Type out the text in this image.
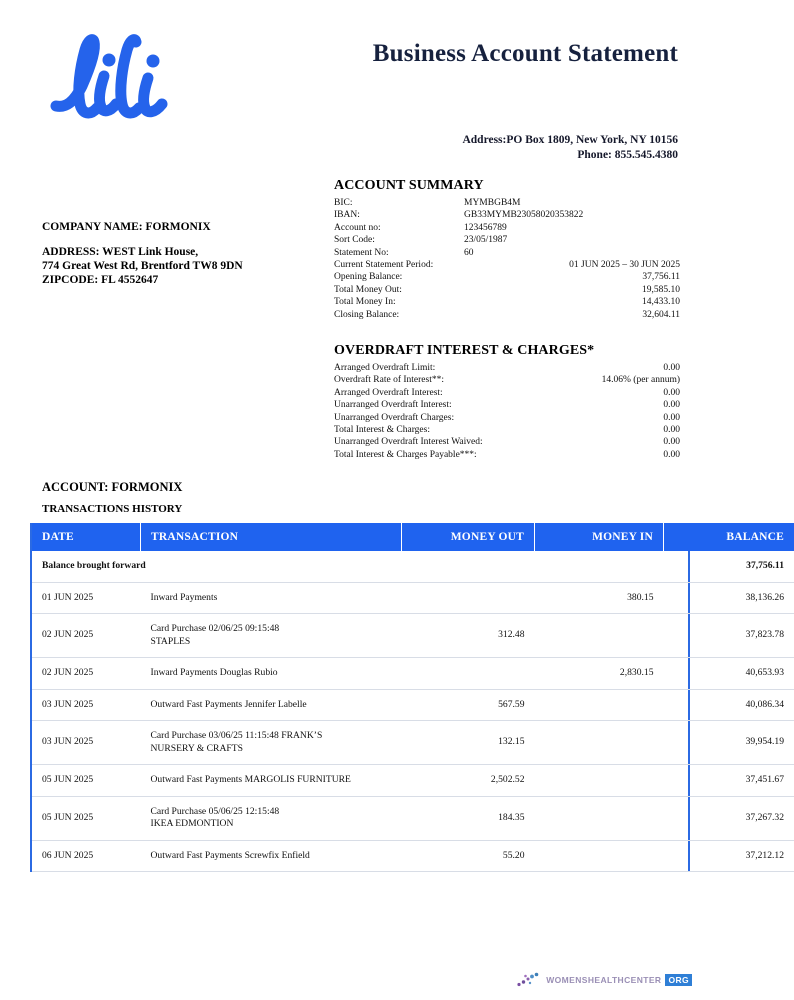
Business Account Statement
Address:PO Box 1809, New York, NY 10156
Phone: 855.545.4380
COMPANY NAME: FORMONIX
ADDRESS: WEST Link House,
774 Great West Rd, Brentford TW8 9DN
ZIPCODE: FL 4552647
ACCOUNT SUMMARY
BIC:	MYMBGB4M
IBAN:	GB33MYMB23058020353822
Account no:	123456789
Sort Code:	23/05/1987
Statement No:	60
Current Statement Period:	01 JUN 2025 – 30 JUN 2025
Opening Balance:	37,756.11
Total Money Out:	19,585.10
Total Money In:	14,433.10
Closing Balance:	32,604.11
OVERDRAFT INTEREST & CHARGES*
Arranged Overdraft Limit:	0.00
Overdraft Rate of Interest**:	14.06% (per annum)
Arranged Overdraft Interest:	0.00
Unarranged Overdraft Interest:	0.00
Unarranged Overdraft Charges:	0.00
Total Interest & Charges:	0.00
Unarranged Overdraft Interest Waived:	0.00
Total Interest & Charges Payable***:	0.00
ACCOUNT: FORMONIX
TRANSACTIONS HISTORY
DATE	TRANSACTION	MONEY OUT	MONEY IN	BALANCE
Balance brought forward				37,756.11
01 JUN 2025	Inward Payments		380.15	38,136.26
02 JUN 2025	Card Purchase 02/06/25 09:15:48
STAPLES	312.48		37,823.78
02 JUN 2025	Inward Payments Douglas Rubio		2,830.15	40,653.93
03 JUN 2025	Outward Fast Payments Jennifer Labelle	567.59		40,086.34
03 JUN 2025	Card Purchase 03/06/25 11:15:48 FRANK’S
NURSERY & CRAFTS	132.15		39,954.19
05 JUN 2025	Outward Fast Payments MARGOLIS FURNITURE	2,502.52		37,451.67
05 JUN 2025	Card Purchase 05/06/25 12:15:48
IKEA EDMONTION	184.35		37,267.32
06 JUN 2025	Outward Fast Payments Screwfix Enfield	55.20		37,212.12
WOMENSHEALTHCENTER ORG
